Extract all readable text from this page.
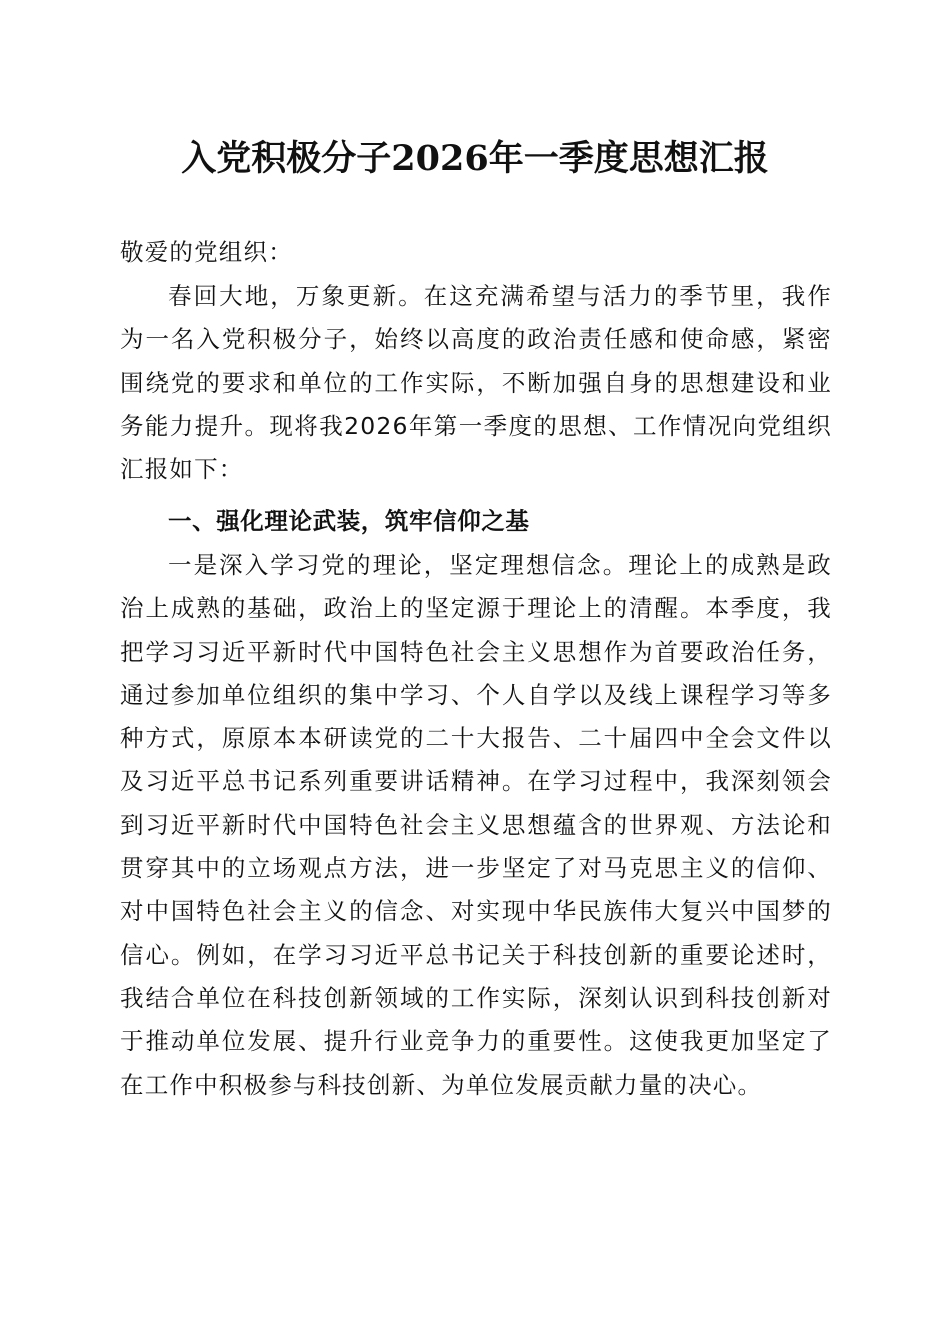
入党积极分子2026年一季度思想汇报

敬爱的党组织：

春回大地，万象更新。在这充满希望与活力的季节里，我作为一名入党积极分子，始终以高度的政治责任感和使命感，紧密围绕党的要求和单位的工作实际，不断加强自身的思想建设和业务能力提升。现将我2026年第一季度的思想、工作情况向党组织汇报如下：

一、强化理论武装，筑牢信仰之基

一是深入学习党的理论，坚定理想信念。理论上的成熟是政治上成熟的基础，政治上的坚定源于理论上的清醒。本季度，我把学习习近平新时代中国特色社会主义思想作为首要政治任务，通过参加单位组织的集中学习、个人自学以及线上课程学习等多种方式，原原本本研读党的二十大报告、二十届四中全会文件以及习近平总书记系列重要讲话精神。在学习过程中，我深刻领会到习近平新时代中国特色社会主义思想蕴含的世界观、方法论和贯穿其中的立场观点方法，进一步坚定了对马克思主义的信仰、对中国特色社会主义的信念、对实现中华民族伟大复兴中国梦的信心。例如，在学习习近平总书记关于科技创新的重要论述时，我结合单位在科技创新领域的工作实际，深刻认识到科技创新对于推动单位发展、提升行业竞争力的重要性。这使我更加坚定了在工作中积极参与科技创新、为单位发展贡献力量的决心。
